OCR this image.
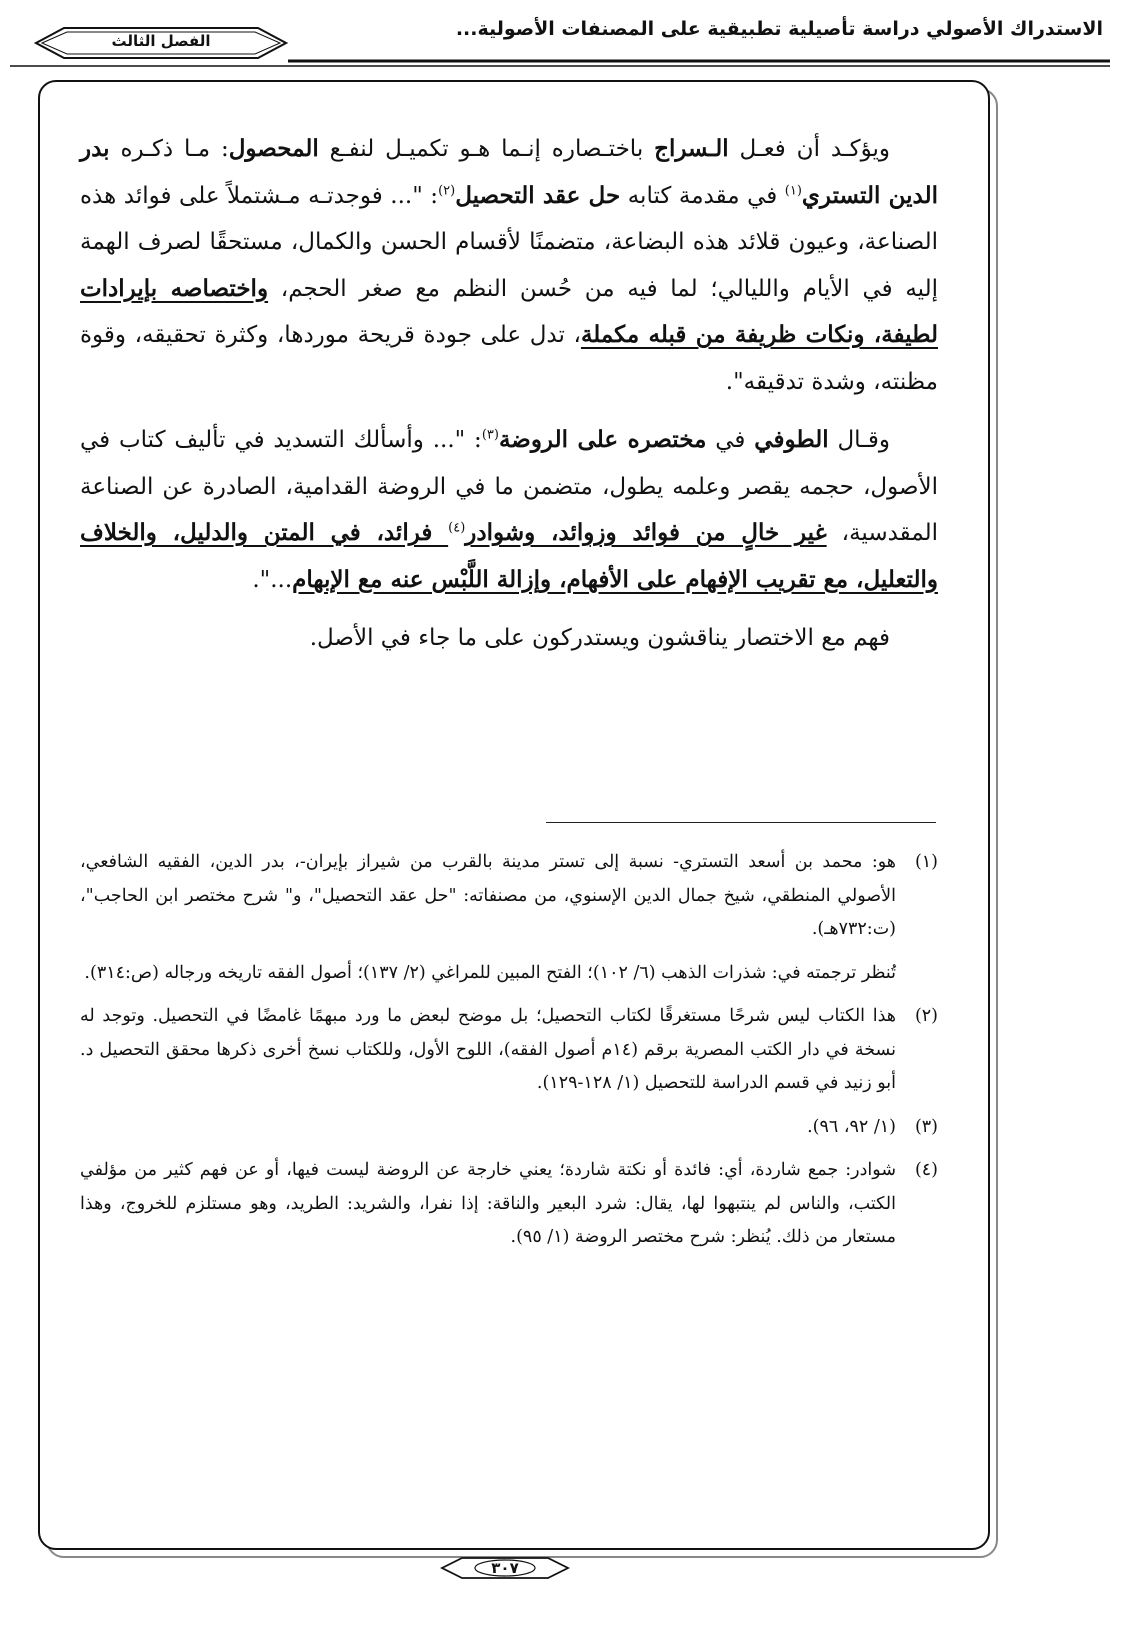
الاستدراك الأصولي دراسة تأصيلية تطبيقية على المصنفات الأصولية...
الفصل الثالث

ويؤكـد أن فعـل الـسراج باختـصاره إنـما هـو تكميـل لنفـع المحصول: مـا ذكـره بدر الدين التستري$^{(١)}$ في مقدمة كتابه حل عقد التحصيل$^{(٢)}$: "... فوجدتـه مـشتملاً على فوائد هذه الصناعة، وعيون قلائد هذه البضاعة، متضمنًا لأقسام الحسن والكمال، مستحقًا لصرف الهمة إليه في الأيام والليالي؛ لما فيه من حُسن النظم مع صغر الحجم، واختصاصه بإيرادات لطيفة، ونكات ظريفة من قبله مكملة، تدل على جودة قريحة موردها، وكثرة تحقيقه، وقوة مظنته، وشدة تدقيقه".

وقـال الطوفي في مختصره على الروضة$^{(٣)}$: "... وأسألك التسديد في تأليف كتاب في الأصول، حجمه يقصر وعلمه يطول، متضمن ما في الروضة القدامية، الصادرة عن الصناعة المقدسية، غير خالٍ من فوائد وزوائد، وشوادر$^{(٤)}$ فرائد، في المتن والدليل، والخلاف والتعليل، مع تقريب الإفهام على الأفهام، وإزالة اللَّبْس عنه مع الإبهام...".

فهم مع الاختصار يناقشون ويستدركون على ما جاء في الأصل.

(١)

هو: محمد بن أسعد التستري- نسبة إلى تستر مدينة بالقرب من شيراز بإيران-، بدر الدين، الفقيه الشافعي، الأصولي المنطقي، شيخ جمال الدين الإسنوي، من مصنفاته: "حل عقد التحصيل"، و" شرح مختصر ابن الحاجب"، (ت:٧٣٢هـ).

تُنظر ترجمته في: شذرات الذهب (٦/ ١٠٢)؛ الفتح المبين للمراغي (٢/ ١٣٧)؛ أصول الفقه تاريخه ورجاله (ص:٣١٤).

(٢)

هذا الكتاب ليس شرحًا مستغرقًا لكتاب التحصيل؛ بل موضح لبعض ما ورد مبهمًا غامضًا في التحصيل. وتوجد له نسخة في دار الكتب المصرية برقم (١٤م أصول الفقه)، اللوح الأول، وللكتاب نسخ أخرى ذكرها محقق التحصيل د. أبو زنيد في قسم الدراسة للتحصيل (١/ ١٢٨-١٢٩).

(٣)

(١/ ٩٢، ٩٦).

(٤)

شوادر: جمع شاردة، أي: فائدة أو نكتة شاردة؛ يعني خارجة عن الروضة ليست فيها، أو عن فهم كثير من مؤلفي الكتب، والناس لم ينتبهوا لها، يقال: شرد البعير والناقة: إذا نفرا، والشريد: الطريد، وهو مستلزم للخروج، وهذا مستعار من ذلك. يُنظر: شرح مختصر الروضة (١/ ٩٥).

٣٠٧
